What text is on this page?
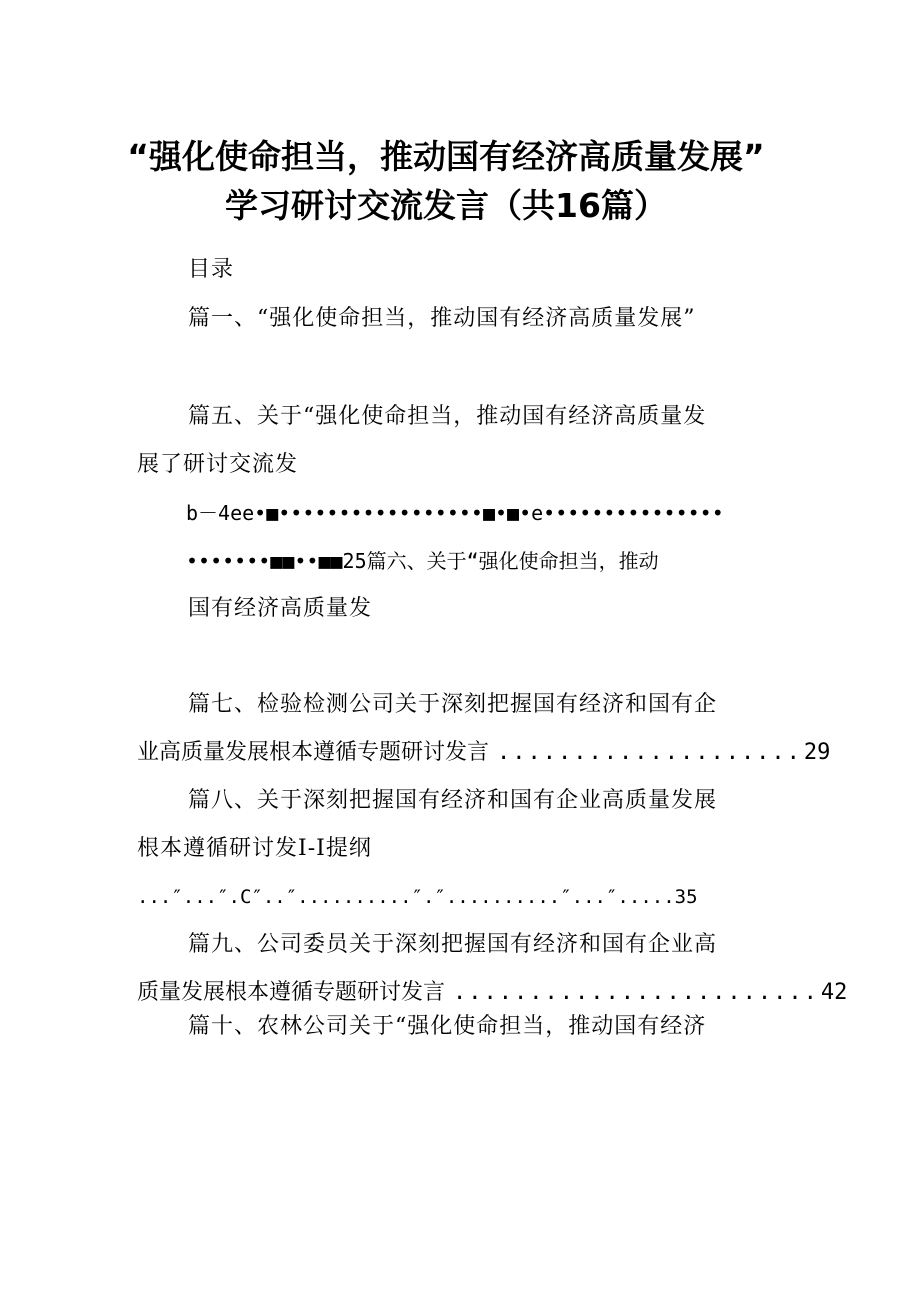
“强化使命担当，推动国有经济高质量发展”
学习研讨交流发言（共16篇）
目录
篇一、“强化使命担当，推动国有经济高质量发展”
篇五、关于“强化使命担当，推动国有经济高质量发
展了研讨交流发
b－4ee•■•••••••••••••••••■•■•e•••••••••••••••
•••••••■■••■■25篇六、关于“强化使命担当，推动
国有经济高质量发
篇七、检验检测公司关于深刻把握国有经济和国有企
业高质量发展根本遵循专题研讨发言 .................... 29
篇八、关于深刻把握国有经济和国有企业高质量发展
根本遵循研讨发I-I提纲
...″...″.C″..″..........″.″..........″...″.....35
篇九、公司委员关于深刻把握国有经济和国有企业高
质量发展根本遵循专题研讨发言 ........................ 42
篇十、农林公司关于“强化使命担当，推动国有经济
